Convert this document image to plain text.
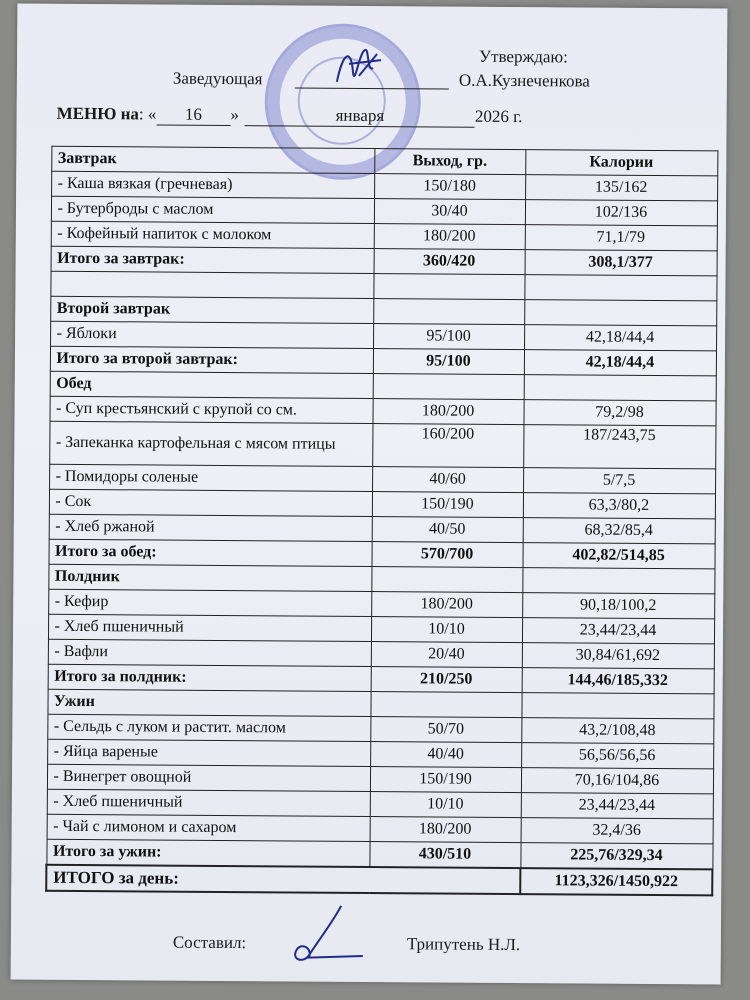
Утверждаю:
Заведующая	О.А.Кузнеченкова
МЕНЮ на: « 16 »	января	2026 г.
Завтрак	Выход, гр.	Калории
- Каша вязкая (гречневая)	150/180	135/162
- Бутерброды с маслом	30/40	102/136
- Кофейный напиток с молоком	180/200	71,1/79
Итого за завтрак:	360/420	308,1/377

Второй завтрак		
- Яблоки	95/100	42,18/44,4
Итого за второй завтрак:	95/100	42,18/44,4
Обед		
- Суп крестьянский с крупой со см.	180/200	79,2/98
- Запеканка картофельная с мясом птицы	160/200	187/243,75
- Помидоры соленые	40/60	5/7,5
- Сок	150/190	63,3/80,2
- Хлеб ржаной	40/50	68,32/85,4
Итого за обед:	570/700	402,82/514,85
Полдник		
- Кефир	180/200	90,18/100,2
- Хлеб пшеничный	10/10	23,44/23,44
- Вафли	20/40	30,84/61,692
Итого за полдник:	210/250	144,46/185,332
Ужин		
- Сельдь с луком и растит. маслом	50/70	43,2/108,48
- Яйца вареные	40/40	56,56/56,56
- Винегрет овощной	150/190	70,16/104,86
- Хлеб пшеничный	10/10	23,44/23,44
- Чай с лимоном и сахаром	180/200	32,4/36
Итого за ужин:	430/510	225,76/329,34
ИТОГО за день:		1123,326/1450,922
Составил:	Трипутень Н.Л.
